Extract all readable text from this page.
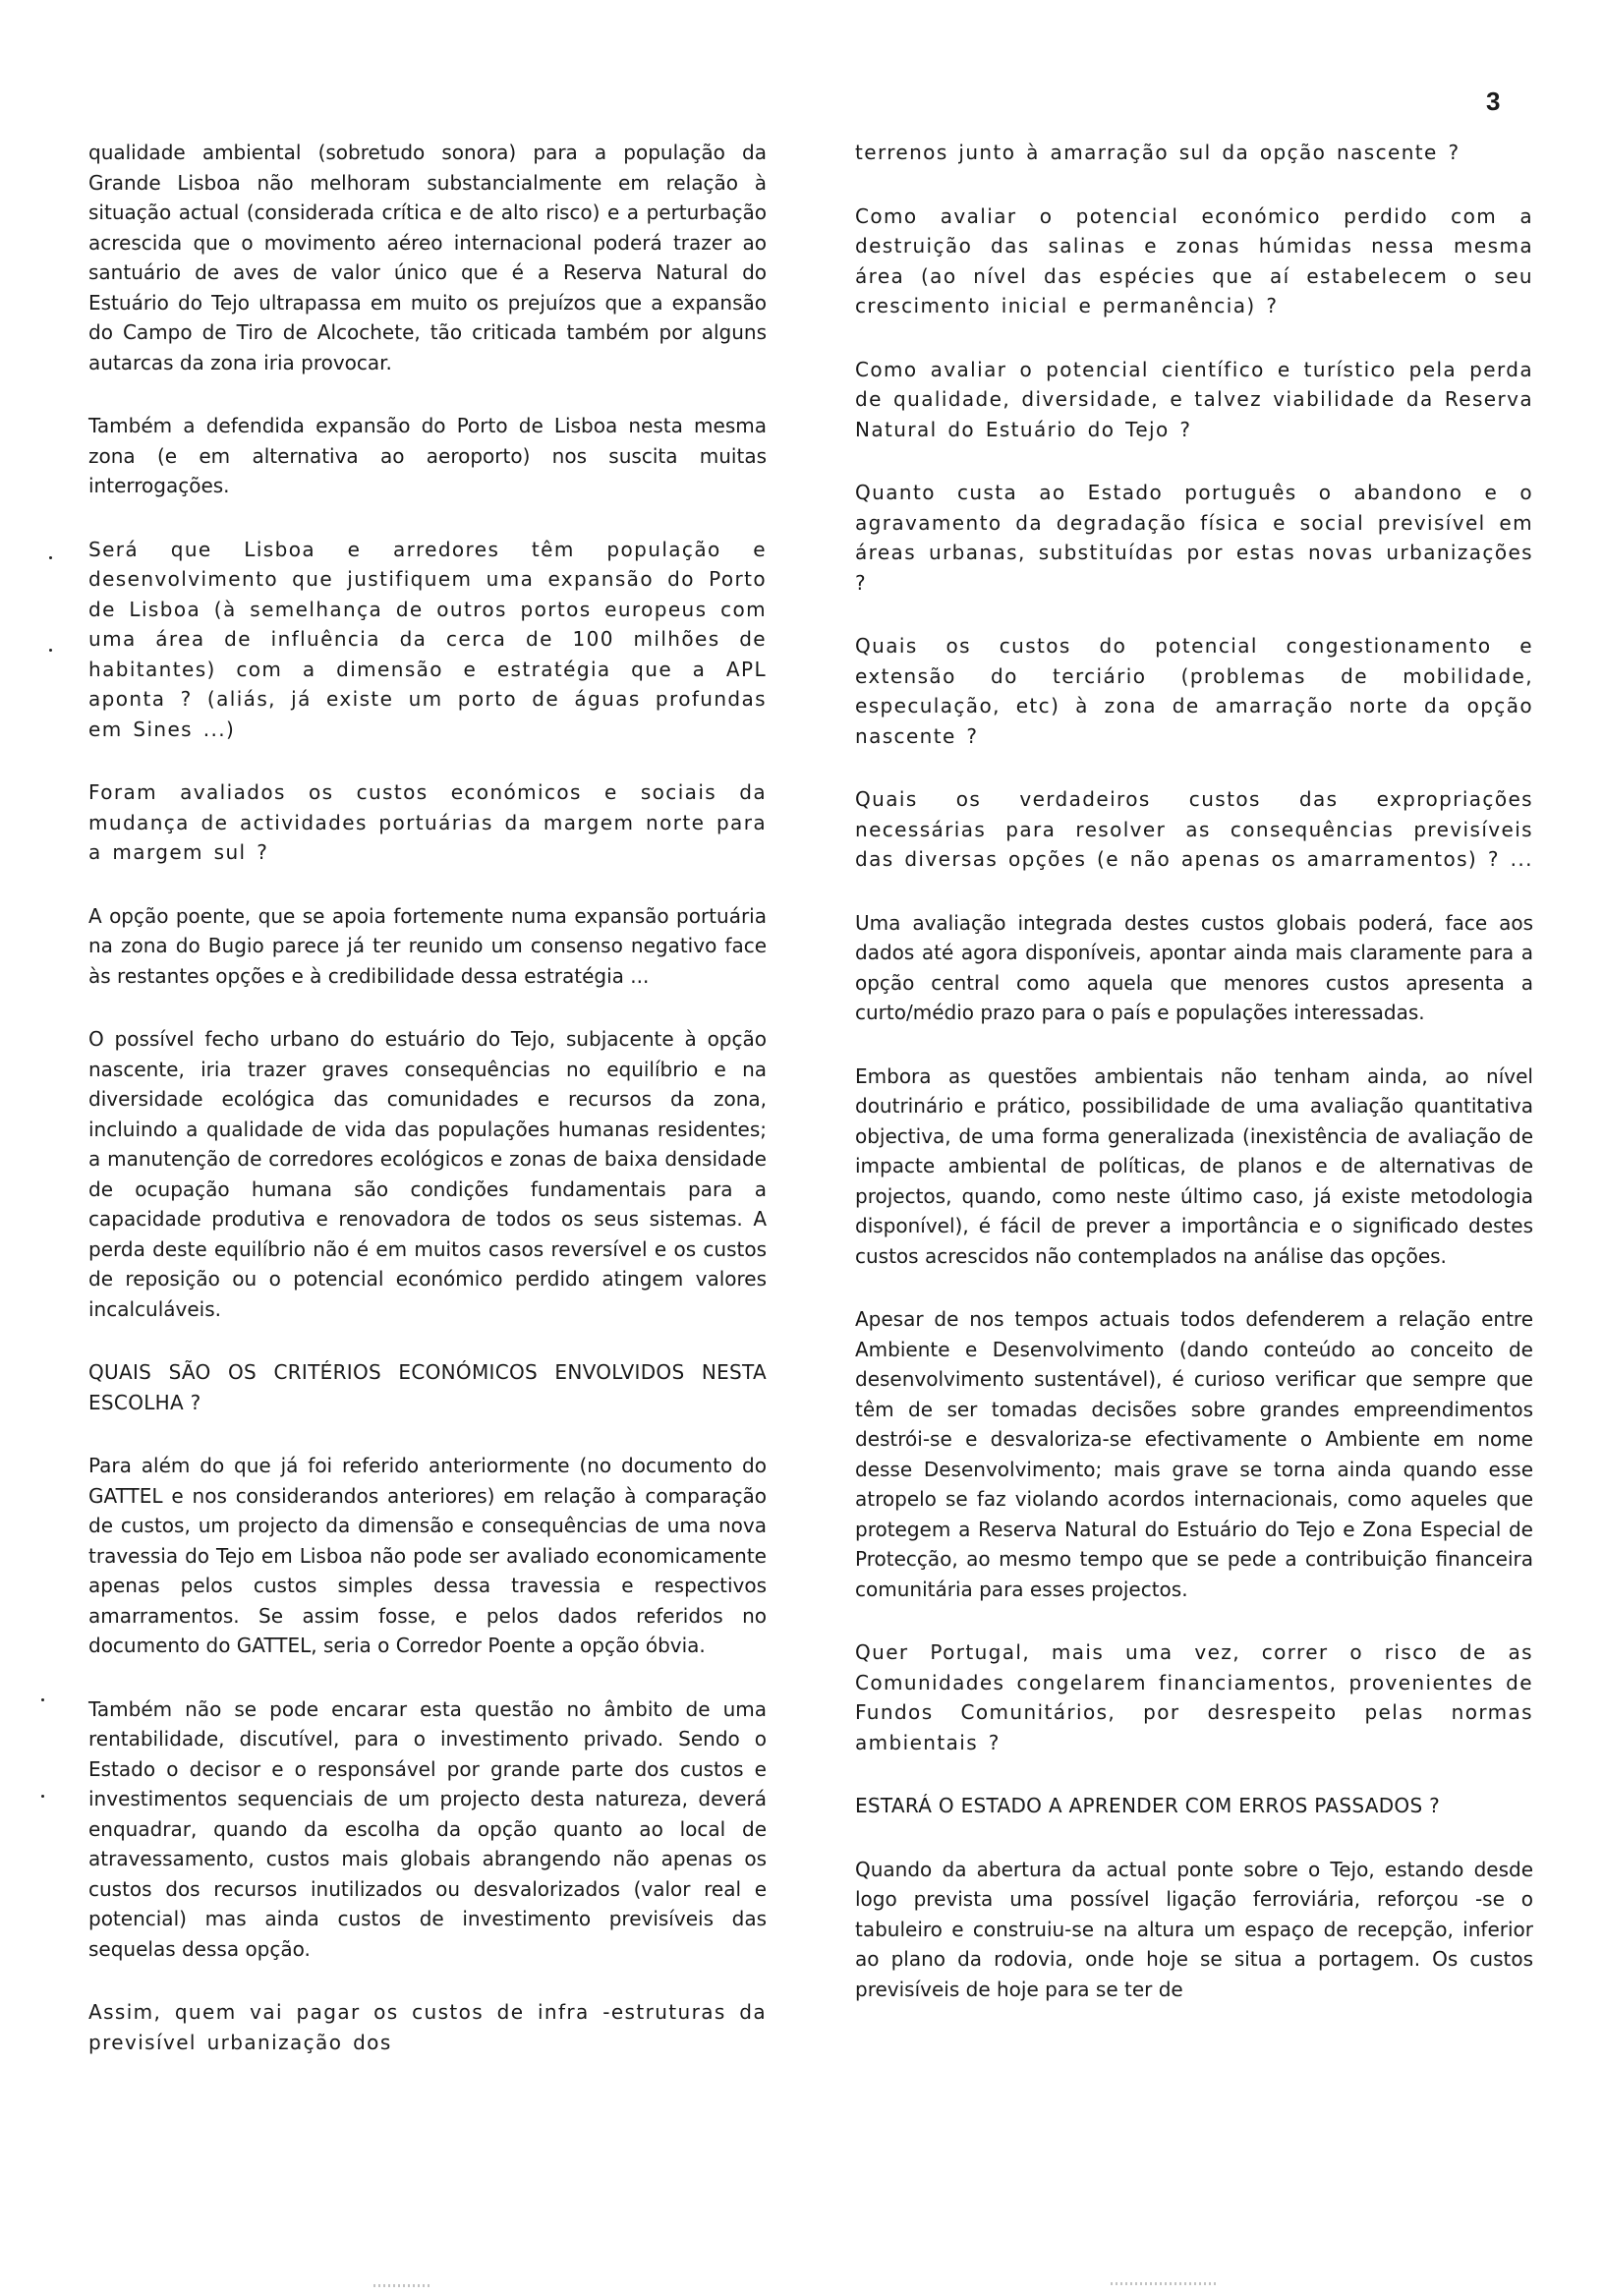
3

qualidade ambiental (sobretudo sonora) para a população da Grande Lisboa não melhoram substancialmente em relação à situação actual (considerada crítica e de alto risco) e a perturbação acrescida que o movimento aéreo internacional poderá trazer ao santuário de aves de valor único que é a Reserva Natural do Estuário do Tejo ultrapassa em muito os prejuízos que a expansão do Campo de Tiro de Alcochete, tão criticada também por alguns autarcas da zona iria provocar.

Também a defendida expansão do Porto de Lisboa nesta mesma zona (e em alternativa ao aeroporto) nos suscita muitas interrogações.

Será que Lisboa e arredores têm população e desenvolvimento que justifiquem uma expansão do Porto de Lisboa (à semelhança de outros portos europeus com uma área de influência da cerca de 100 milhões de habitantes) com a dimensão e estratégia que a APL aponta ? (aliás, já existe um porto de águas profundas em Sines ...)

Foram avaliados os custos económicos e sociais da mudança de actividades portuárias da margem norte para a margem sul ?

A opção poente, que se apoia fortemente numa expansão portuária na zona do Bugio parece já ter reunido um consenso negativo face às restantes opções e à credibilidade dessa estratégia ...

O possível fecho urbano do estuário do Tejo, subjacente à opção nascente, iria trazer graves consequências no equilíbrio e na diversidade ecológica das comunidades e recursos da zona, incluindo a qualidade de vida das populações humanas residentes; a manutenção de corredores ecológicos e zonas de baixa densidade de ocupação humana são condições fundamentais para a capacidade produtiva e renovadora de todos os seus sistemas. A perda deste equilíbrio não é em muitos casos reversível e os custos de reposição ou o potencial económico perdido atingem valores incalculáveis.

QUAIS SÃO OS CRITÉRIOS ECONÓMICOS ENVOLVIDOS NESTA ESCOLHA ?

Para além do que já foi referido anteriormente (no documento do GATTEL e nos considerandos anteriores) em relação à comparação de custos, um projecto da dimensão e consequências de uma nova travessia do Tejo em Lisboa não pode ser avaliado economicamente apenas pelos custos simples dessa travessia e respectivos amarramentos. Se assim fosse, e pelos dados referidos no documento do GATTEL, seria o Corredor Poente a opção óbvia.

Também não se pode encarar esta questão no âmbito de uma rentabilidade, discutível, para o investimento privado. Sendo o Estado o decisor e o responsável por grande parte dos custos e investimentos sequenciais de um projecto desta natureza, deverá enquadrar, quando da escolha da opção quanto ao local de atravessamento, custos mais globais abrangendo não apenas os custos dos recursos inutilizados ou desvalorizados (valor real e potencial) mas ainda custos de investimento previsíveis das sequelas dessa opção.

Assim, quem vai pagar os custos de infra -estruturas da previsível urbanização dos

terrenos junto à amarração sul da opção nascente ?

Como avaliar o potencial económico perdido com a destruição das salinas e zonas húmidas nessa mesma área (ao nível das espécies que aí estabelecem o seu crescimento inicial e permanência) ?

Como avaliar o potencial científico e turístico pela perda de qualidade, diversidade, e talvez viabilidade da Reserva Natural do Estuário do Tejo ?

Quanto custa ao Estado português o abandono e o agravamento da degradação física e social previsível em áreas urbanas, substituídas por estas novas urbanizações ?

Quais os custos do potencial congestionamento e extensão do terciário (problemas de mobilidade, especulação, etc) à zona de amarração norte da opção nascente ?

Quais os verdadeiros custos das expropriações necessárias para resolver as consequências previsíveis das diversas opções (e não apenas os amarramentos) ? ...

Uma avaliação integrada destes custos globais poderá, face aos dados até agora disponíveis, apontar ainda mais claramente para a opção central como aquela que menores custos apresenta a curto/médio prazo para o país e populações interessadas.

Embora as questões ambientais não tenham ainda, ao nível doutrinário e prático, possibilidade de uma avaliação quantitativa objectiva, de uma forma generalizada (inexistência de avaliação de impacte ambiental de políticas, de planos e de alternativas de projectos, quando, como neste último caso, já existe metodologia disponível), é fácil de prever a importância e o significado destes custos acrescidos não contemplados na análise das opções.

Apesar de nos tempos actuais todos defenderem a relação entre Ambiente e Desenvolvimento (dando conteúdo ao conceito de desenvolvimento sustentável), é curioso verificar que sempre que têm de ser tomadas decisões sobre grandes empreendimentos destrói-se e desvaloriza-se efectivamente o Ambiente em nome desse Desenvolvimento; mais grave se torna ainda quando esse atropelo se faz violando acordos internacionais, como aqueles que protegem a Reserva Natural do Estuário do Tejo e Zona Especial de Protecção, ao mesmo tempo que se pede a contribuição financeira comunitária para esses projectos.

Quer Portugal, mais uma vez, correr o risco de as Comunidades congelarem financiamentos, provenientes de Fundos Comunitários, por desrespeito pelas normas ambientais ?

ESTARÁ O ESTADO A APRENDER COM ERROS PASSADOS ?

Quando da abertura da actual ponte sobre o Tejo, estando desde logo prevista uma possível ligação ferroviária, reforçou -se o tabuleiro e construiu-se na altura um espaço de recepção, inferior ao plano da rodovia, onde hoje se situa a portagem. Os custos previsíveis de hoje para se ter de
